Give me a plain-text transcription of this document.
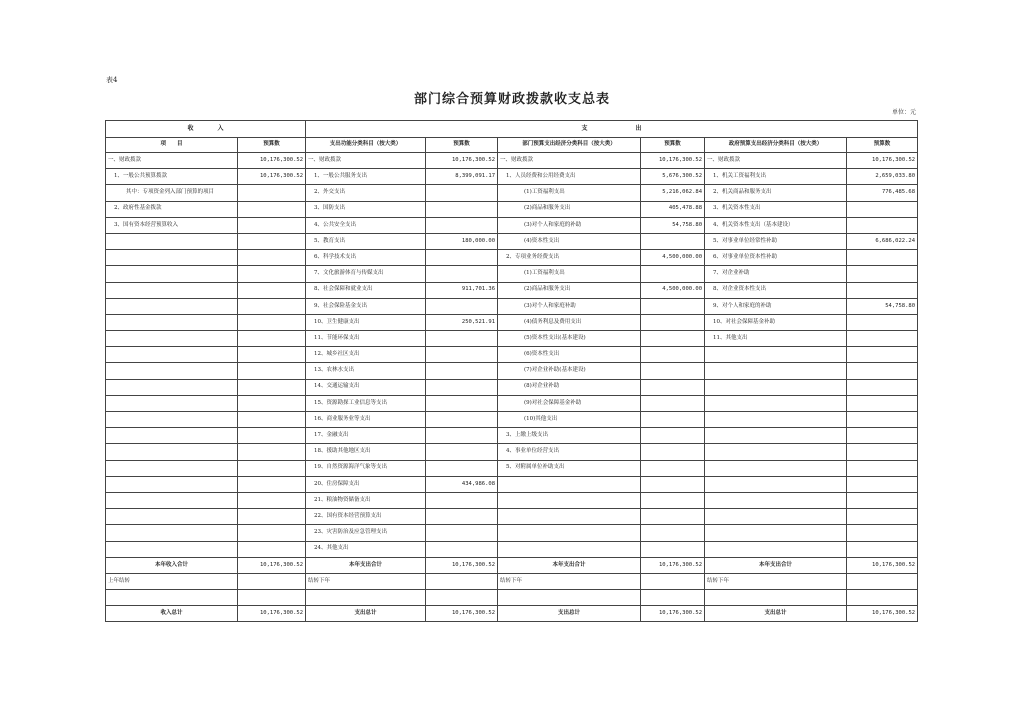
表4
部门综合预算财政拨款收支总表
单位：元
收　　　　入		支　　　　　　　　出					
项　　目	预算数	支出功能分类科目（按大类）	预算数	部门预算支出经济分类科目（按大类）	预算数	政府预算支出经济分类科目（按大类）	预算数
一、财政拨款	10,176,300.52	一、财政拨款	10,176,300.52	一、财政拨款	10,176,300.52	一、财政拨款	10,176,300.52
1、一般公共预算拨款	10,176,300.52	1、一般公共服务支出	8,399,091.17	1、人员经费和公用经费支出	5,676,300.52	1、机关工资福利支出	2,659,033.80
其中：专项资金列入部门预算的项目		2、外交支出		(1)工资福利支出	5,216,062.84	2、机关商品和服务支出	776,485.68
2、政府性基金拨款		3、国防支出		(2)商品和服务支出	405,478.88	3、机关资本性支出	
3、国有资本经营预算收入		4、公共安全支出		(3)对个人和家庭的补助	54,758.80	4、机关资本性支出（基本建设）	
		5、教育支出	180,000.00	(4)资本性支出		5、对事业单位经常性补助	6,686,022.24
		6、科学技术支出		2、专项业务经费支出	4,500,000.00	6、对事业单位资本性补助	
		7、文化旅游体育与传媒支出		(1)工资福利支出		7、对企业补助	
		8、社会保障和就业支出	911,701.36	(2)商品和服务支出	4,500,000.00	8、对企业资本性支出	
		9、社会保险基金支出		(3)对个人和家庭补助		9、对个人和家庭的补助	54,758.80
		10、卫生健康支出	250,521.91	(4)债务利息及费用支出		10、对社会保障基金补助	
		11、节能环保支出		(5)资本性支出(基本建设)		11、其他支出	
		12、城乡社区支出		(6)资本性支出			
		13、农林水支出		(7)对企业补助(基本建设)			
		14、交通运输支出		(8)对企业补助			
		15、资源勘探工业信息等支出		(9)对社会保障基金补助			
		16、商业服务业等支出		(10)其他支出			
		17、金融支出		3、上缴上级支出			
		18、援助其他地区支出		4、事业单位经营支出			
		19、自然资源海洋气象等支出		5、对附属单位补助支出			
		20、住房保障支出	434,986.08				
		21、粮油物资储备支出					
		22、国有资本经营预算支出					
		23、灾害防治及应急管理支出					
		24、其他支出					
本年收入合计	10,176,300.52	本年支出合计	10,176,300.52	本年支出合计	10,176,300.52	本年支出合计	10,176,300.52
上年结转		结转下年		结转下年		结转下年	

收入总计	10,176,300.52	支出总计	10,176,300.52	支出总计	10,176,300.52	支出总计	10,176,300.52
